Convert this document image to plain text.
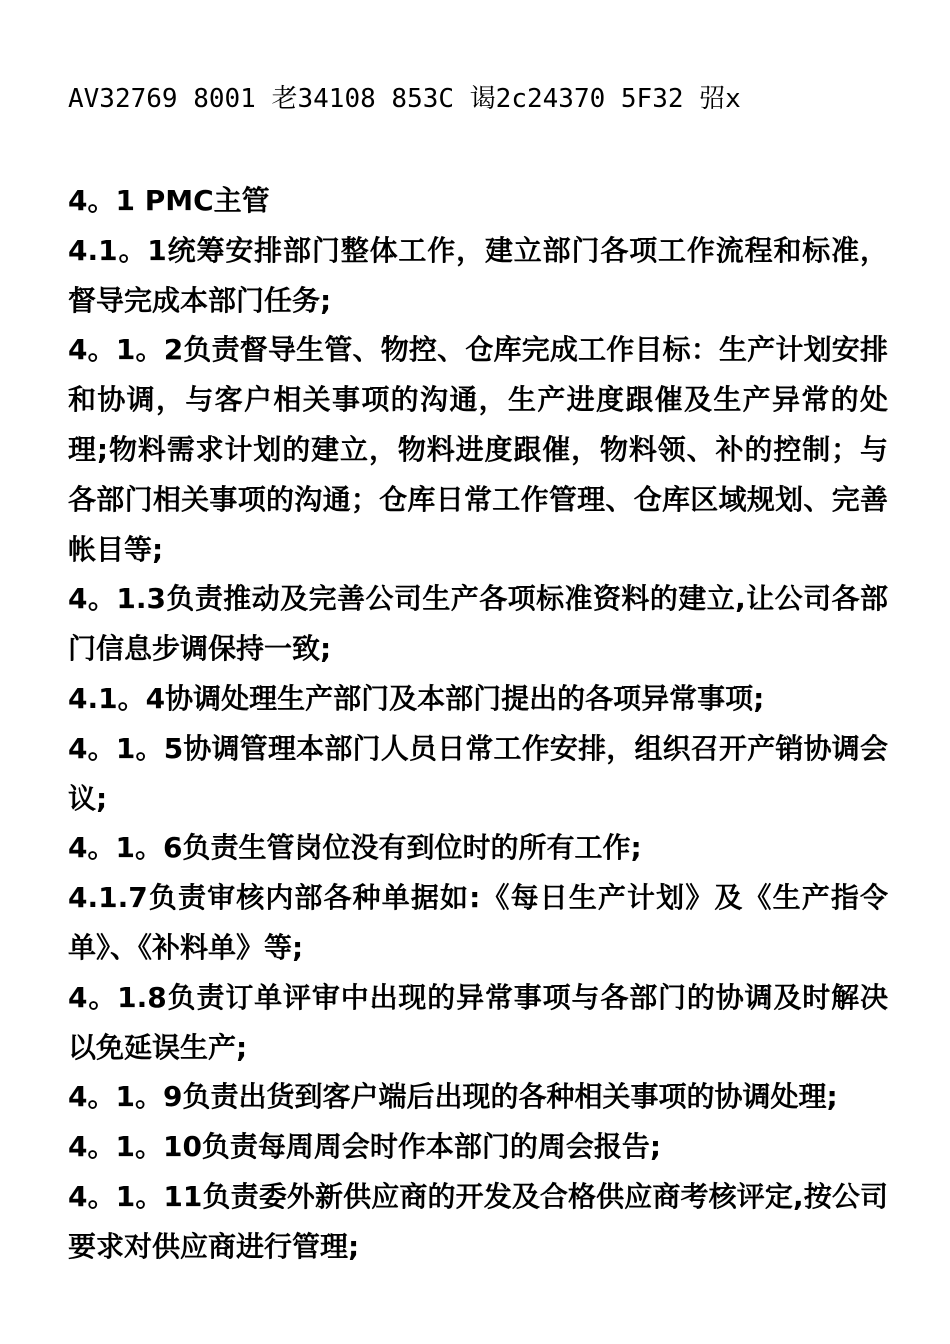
AV32769 8001 老34108 853C 谒2c24370 5F32 弨x

4。1 PMC主管

4.1。1统筹安排部门整体工作，建立部门各项工作流程和标准，督导完成本部门任务;

4。1。2负责督导生管、物控、仓库完成工作目标：生产计划安排和协调，与客户相关事项的沟通，生产进度跟催及生产异常的处理;物料需求计划的建立，物料进度跟催，物料领、补的控制；与各部门相关事项的沟通；仓库日常工作管理、仓库区域规划、完善帐目等;

4。1.3负责推动及完善公司生产各项标准资料的建立,让公司各部门信息步调保持一致;

4.1。4协调处理生产部门及本部门提出的各项异常事项;

4。1。5协调管理本部门人员日常工作安排，组织召开产销协调会议;

4。1。6负责生管岗位没有到位时的所有工作;

4.1.7负责审核内部各种单据如:《每日生产计划》及《生产指令单》、《补料单》等;

4。1.8负责订单评审中出现的异常事项与各部门的协调及时解决以免延误生产;

4。1。9负责出货到客户端后出现的各种相关事项的协调处理;

4。1。10负责每周周会时作本部门的周会报告;

4。1。11负责委外新供应商的开发及合格供应商考核评定,按公司要求对供应商进行管理;
